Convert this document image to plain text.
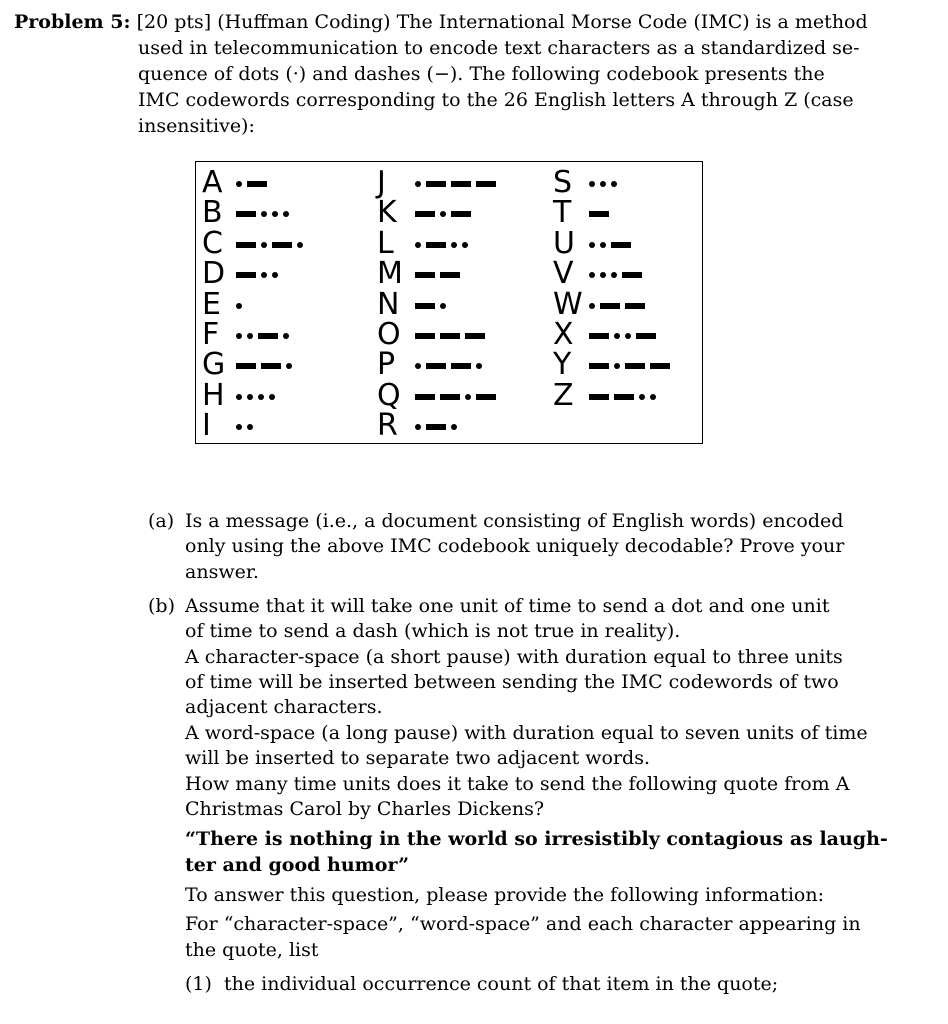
Problem 5: [20 pts] (Huffman Coding) The International Morse Code (IMC) is a method
used in telecommunication to encode text characters as a standardized se-
quence of dots (·) and dashes (−). The following codebook presents the
IMC codewords corresponding to the 26 English letters A through Z (case
insensitive):
A
B
C
D
E
F
G
H
I
J
K
L
M
N
O
P
Q
R
S
T
U
V
W
X
Y
Z
(a) Is a message (i.e., a document consisting of English words) encoded
only using the above IMC codebook uniquely decodable? Prove your
answer.
(b) Assume that it will take one unit of time to send a dot and one unit
of time to send a dash (which is not true in reality).
A character-space (a short pause) with duration equal to three units
of time will be inserted between sending the IMC codewords of two
adjacent characters.
A word-space (a long pause) with duration equal to seven units of time
will be inserted to separate two adjacent words.
How many time units does it take to send the following quote from A
Christmas Carol by Charles Dickens?
“There is nothing in the world so irresistibly contagious as laugh-
ter and good humor”
To answer this question, please provide the following information:
For “character-space”, “word-space” and each character appearing in
the quote, list
(1) the individual occurrence count of that item in the quote;
